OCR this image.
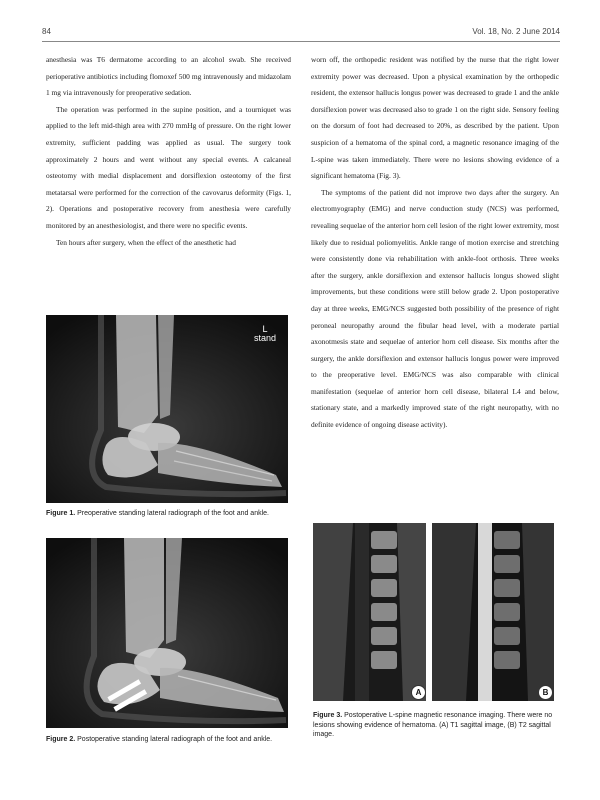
84	Vol. 18, No. 2 June 2014

anesthesia was T6 dermatome according to an alcohol swab. She received perioperative antibiotics including flomoxef 500 mg intravenously and midazolam 1 mg via intravenously for preoperative sedation.

The operation was performed in the supine position, and a tourniquet was applied to the left mid-thigh area with 270 mmHg of pressure. On the right lower extremity, sufficient padding was applied as usual. The surgery took approximately 2 hours and went without any special events. A calcaneal osteotomy with medial displacement and dorsiflexion osteotomy of the first metatarsal were performed for the correction of the cavovarus deformity (Figs. 1, 2). Operations and postoperative recovery from anesthesia were carefully monitored by an anesthesiologist, and there were no specific events.

Ten hours after surgery, when the effect of the anesthetic had

worn off, the orthopedic resident was notified by the nurse that the right lower extremity power was decreased. Upon a physical examination by the orthopedic resident, the extensor hallucis longus power was decreased to grade 1 and the ankle dorsiflexion power was decreased also to grade 1 on the right side. Sensory feeling on the dorsum of foot had decreased to 20%, as described by the patient. Upon suspicion of a hematoma of the spinal cord, a magnetic resonance imaging of the L-spine was taken immediately. There were no lesions showing evidence of a significant hematoma (Fig. 3).

The symptoms of the patient did not improve two days after the surgery. An electromyography (EMG) and nerve conduction study (NCS) was performed, revealing sequelae of the anterior horn cell lesion of the right lower extremity, most likely due to residual poliomyelitis. Ankle range of motion exercise and stretching were consistently done via rehabilitation with ankle-foot orthosis. Three weeks after the surgery, ankle dorsiflexion and extensor hallucis longus showed slight improvements, but these conditions were still below grade 2. Upon postoperative day at three weeks, EMG/NCS suggested both possibility of the presence of right peroneal neuropathy around the fibular head level, with a moderate partial axonotmesis state and sequelae of anterior horn cell disease. Six months after the surgery, the ankle dorsiflexion and extensor hallucis longus power were improved to the preoperative level. EMG/NCS was also comparable with clinical manifestation (sequelae of anterior horn cell disease, bilateral L4 and below, stationary state, and a markedly improved state of the right neuropathy, with no definite evidence of ongoing disease activity).

L
stand
Figure 1. Preoperative standing lateral radiograph of the foot and ankle.
Figure 2. Postoperative standing lateral radiograph of the foot and ankle.
A	B
Figure 3. Postoperative L-spine magnetic resonance imaging. There were no lesions showing evidence of hematoma. (A) T1 sagittal image, (B) T2 sagittal image.
